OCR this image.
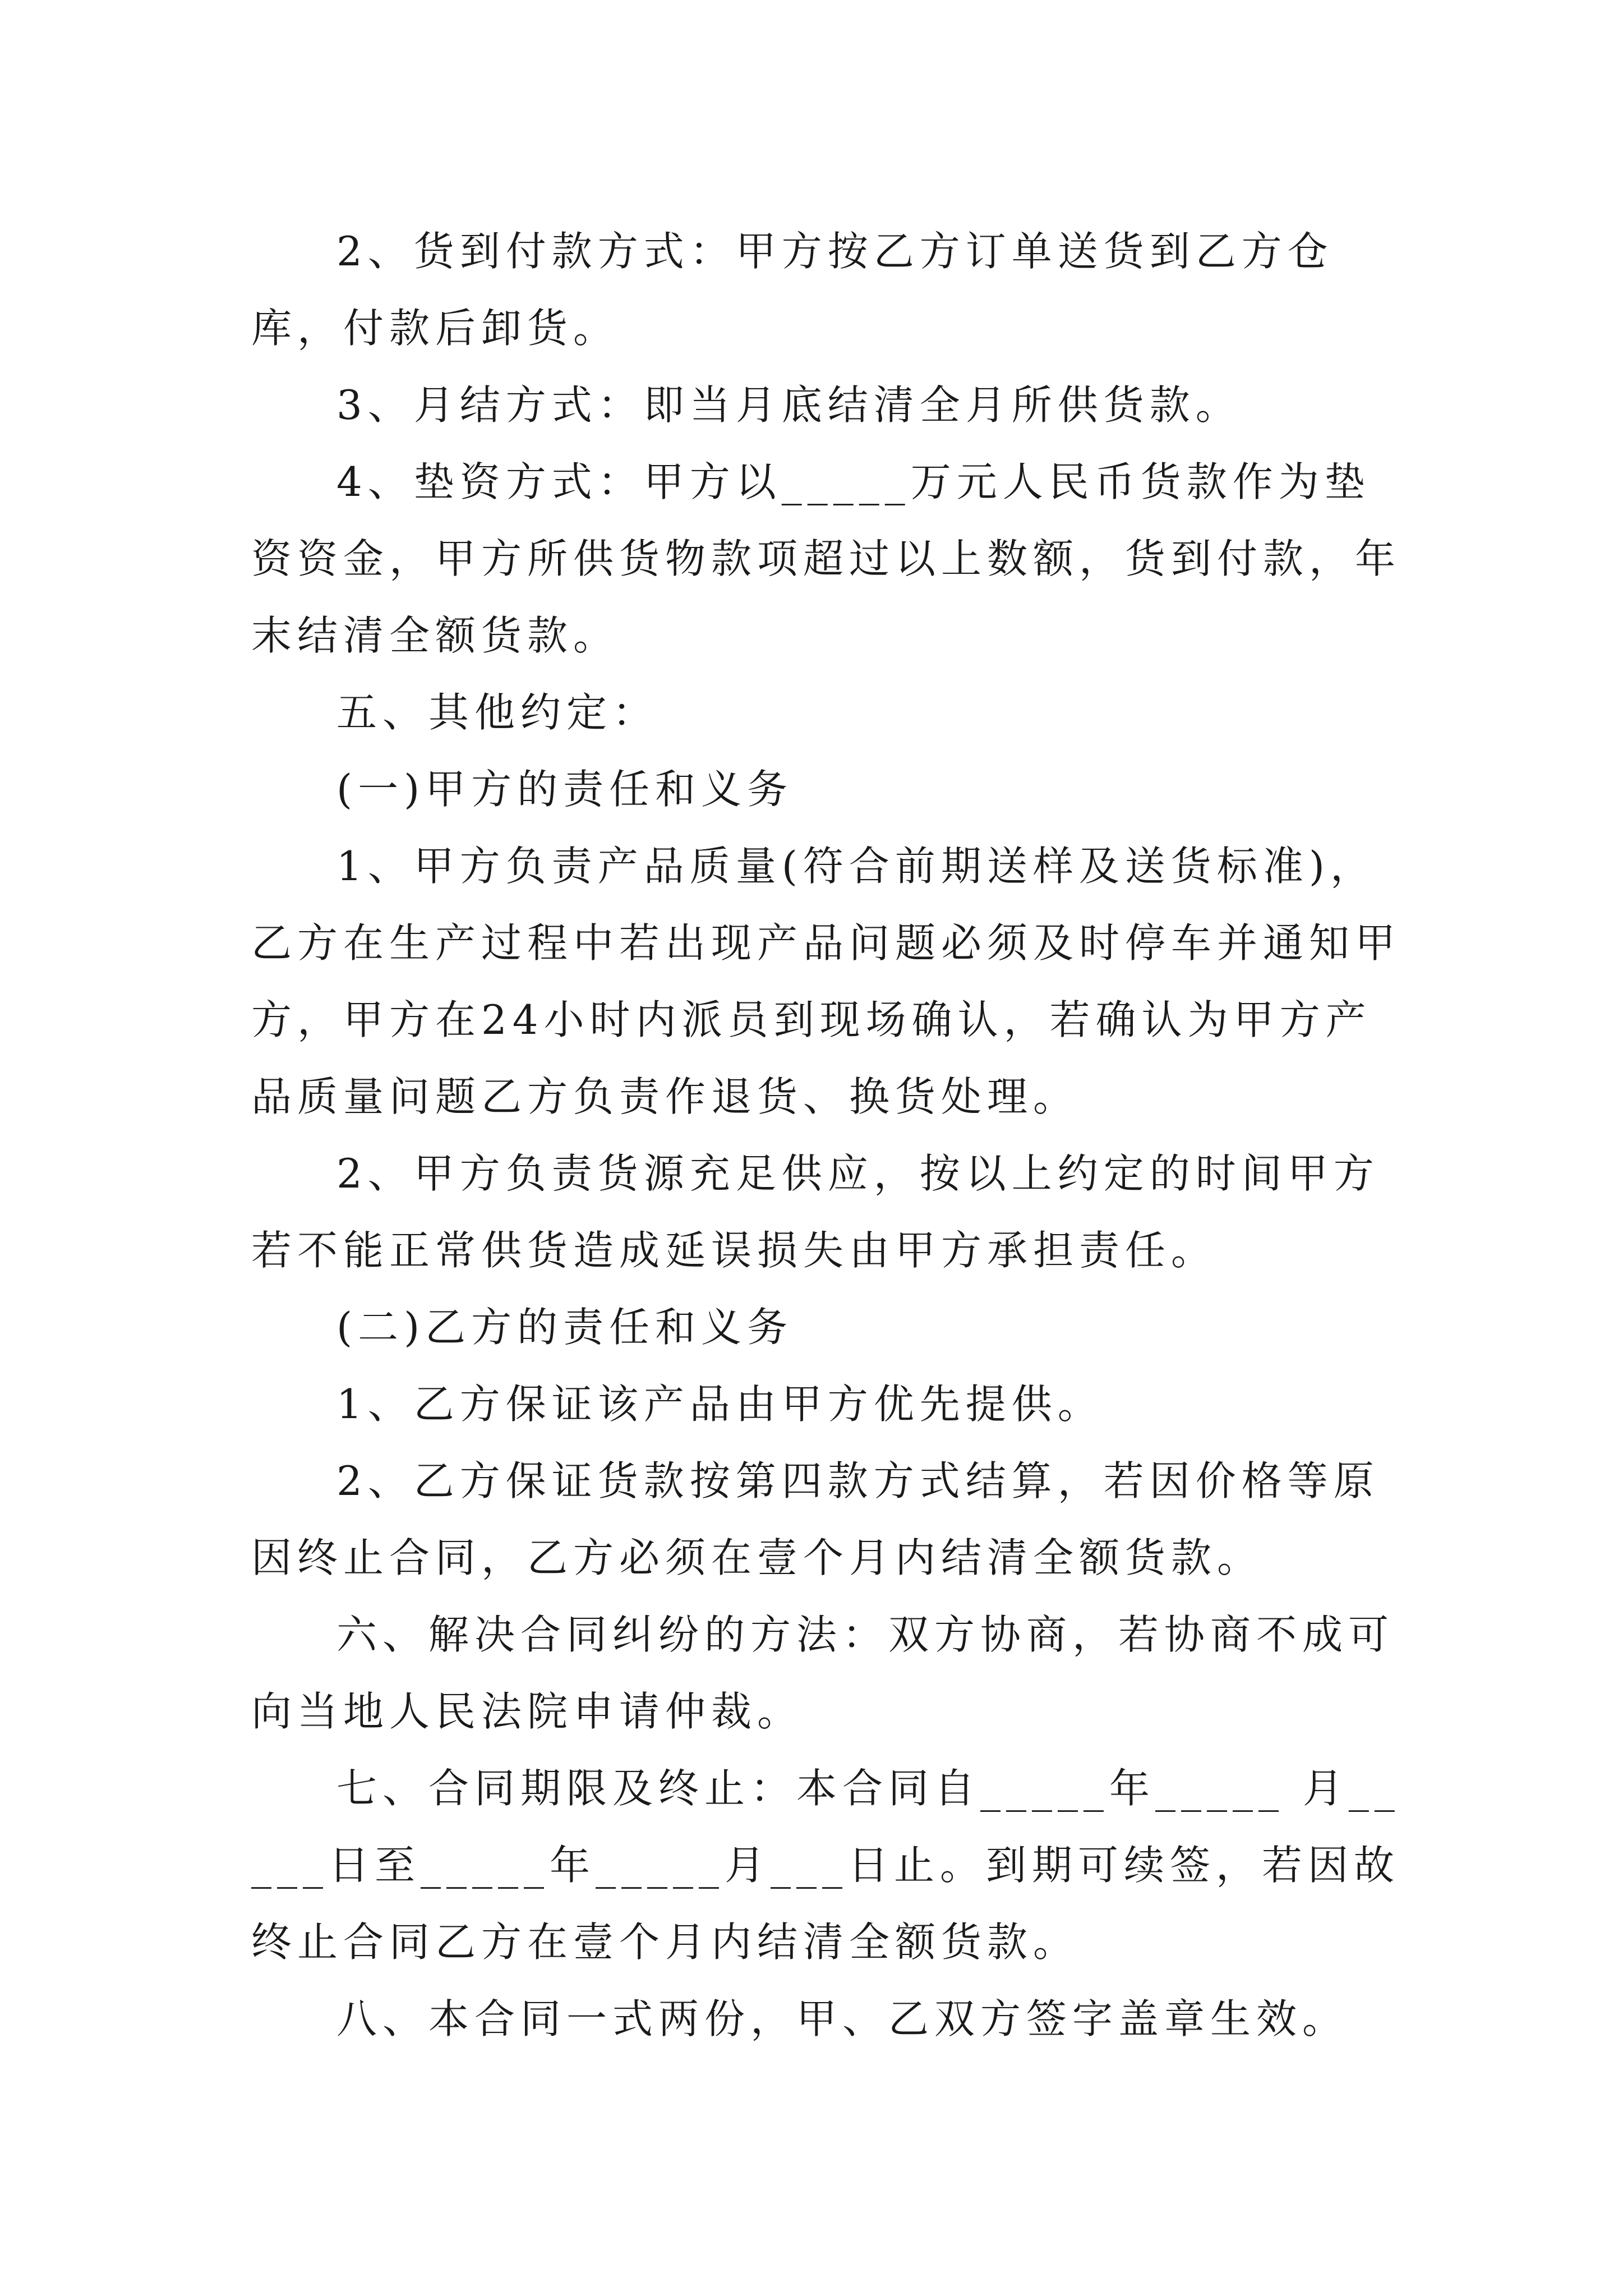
2、货到付款方式：甲方按乙方订单送货到乙方仓库，付款后卸货。

3、月结方式：即当月底结清全月所供货款。

4、垫资方式：甲方以_____万元人民币货款作为垫资资金，甲方所供货物款项超过以上数额，货到付款，年末结清全额货款。

五、其他约定：

(一)甲方的责任和义务

1、甲方负责产品质量(符合前期送样及送货标准)，乙方在生产过程中若出现产品问题必须及时停车并通知甲方，甲方在24小时内派员到现场确认，若确认为甲方产品质量问题乙方负责作退货、换货处理。

2、甲方负责货源充足供应，按以上约定的时间甲方若不能正常供货造成延误损失由甲方承担责任。

(二)乙方的责任和义务

1、乙方保证该产品由甲方优先提供。

2、乙方保证货款按第四款方式结算，若因价格等原因终止合同，乙方必须在壹个月内结清全额货款。

六、解决合同纠纷的方法：双方协商，若协商不成可向当地人民法院申请仲裁。

七、合同期限及终止：本合同自_____年_____ 月_____日至_____年_____月___日止。到期可续签，若因故终止合同乙方在壹个月内结清全额货款。

八、本合同一式两份，甲、乙双方签字盖章生效。
